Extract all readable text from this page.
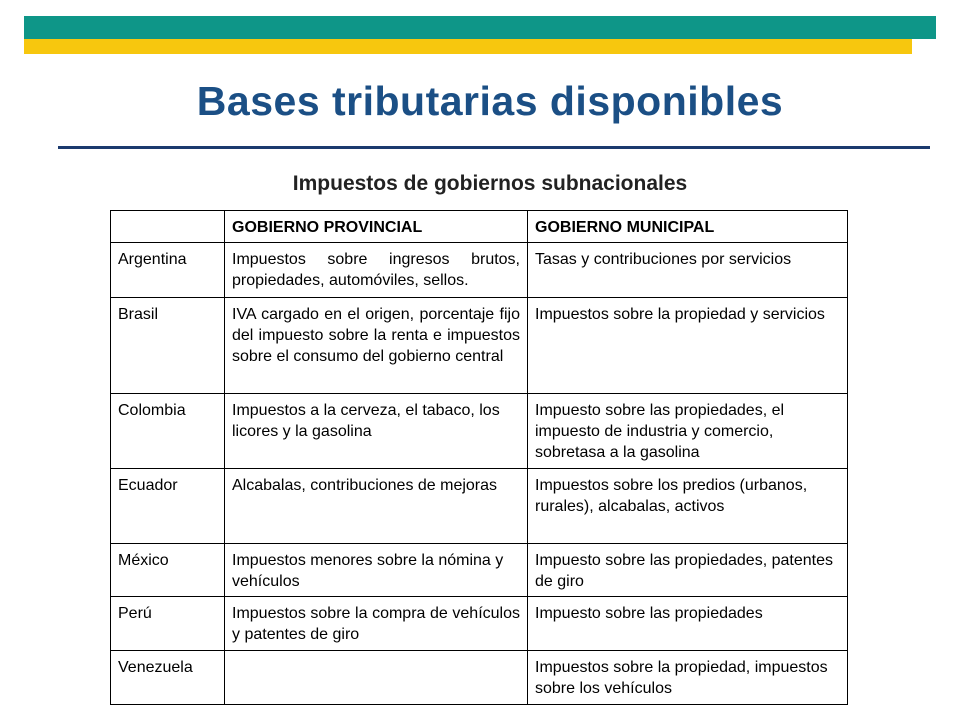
Bases tributarias disponibles
Impuestos de gobiernos subnacionales
	GOBIERNO PROVINCIAL	GOBIERNO MUNICIPAL
Argentina	Impuestos sobre ingresos brutos, propiedades, automóviles, sellos.	Tasas y contribuciones por servicios
Brasil	IVA cargado en el origen, porcentaje fijo del impuesto sobre la renta e impuestos sobre el consumo del gobierno central	Impuestos sobre la propiedad y servicios
Colombia	Impuestos a la cerveza, el tabaco, los licores y la gasolina	Impuesto sobre las propiedades, el impuesto de industria y comercio, sobretasa a la gasolina
Ecuador	Alcabalas, contribuciones de mejoras	Impuestos sobre los predios (urbanos, rurales), alcabalas, activos
México	Impuestos menores sobre la nómina y vehículos	Impuesto sobre las propiedades, patentes de giro
Perú	Impuestos sobre la compra de vehículos y patentes de giro	Impuesto sobre las propiedades
Venezuela		Impuestos sobre la propiedad, impuestos sobre los vehículos
